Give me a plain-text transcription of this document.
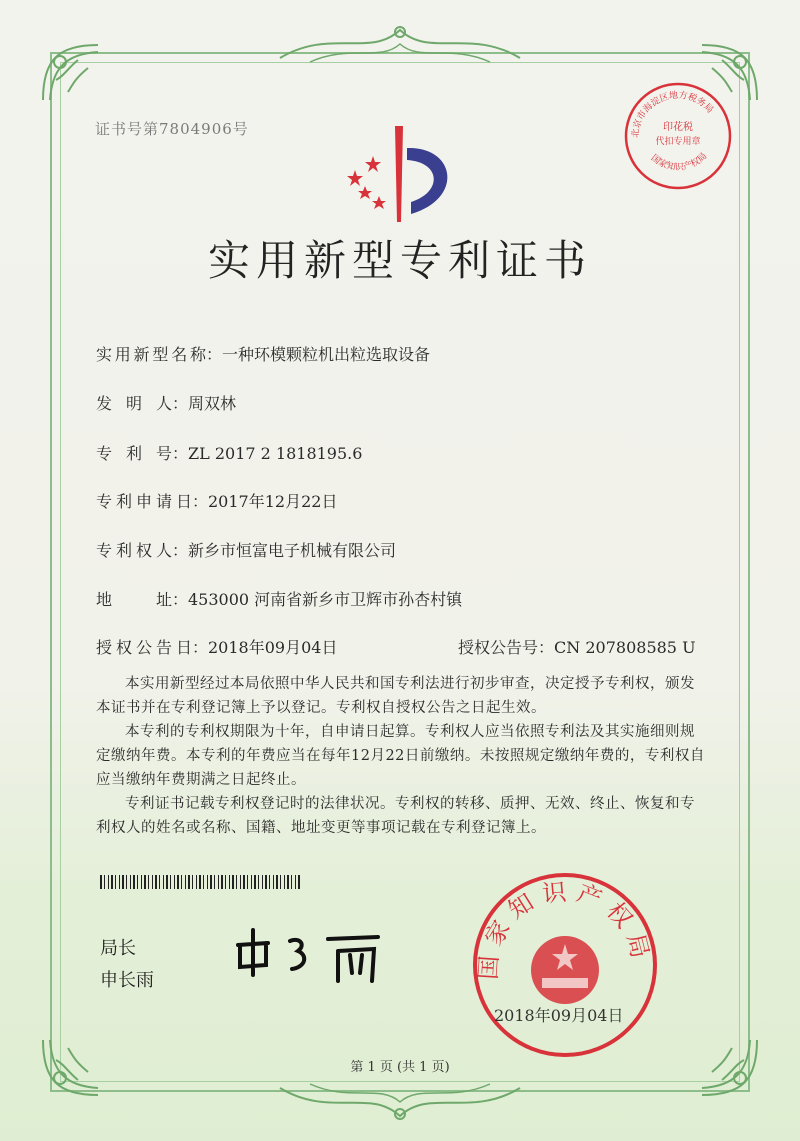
证书号第7804906号
实用新型专利证书
北京市海淀区地方税务局
印花税
代扣专用章
国家知识产权局
实用新型名称：一种环模颗粒机出粒选取设备
发明人：周双林
专利号：ZL 2017 2 1818195.6
专利申请日：2017年12月22日
专利权人：新乡市恒富电子机械有限公司
地址：453000 河南省新乡市卫辉市孙杏村镇
授权公告日：2018年09月04日	授权公告号：CN 207808585 U
本实用新型经过本局依照中华人民共和国专利法进行初步审查，决定授予专利权，颁发本证书并在专利登记簿上予以登记。专利权自授权公告之日起生效。
本专利的专利权期限为十年，自申请日起算。专利权人应当依照专利法及其实施细则规定缴纳年费。本专利的年费应当在每年12月22日前缴纳。未按照规定缴纳年费的，专利权自应当缴纳年费期满之日起终止。
专利证书记载专利权登记时的法律状况。专利权的转移、质押、无效、终止、恢复和专利权人的姓名或名称、国籍、地址变更等事项记载在专利登记簿上。
局长
申长雨
国家知识产权局
2018年09月04日
第 1 页 (共 1 页)
